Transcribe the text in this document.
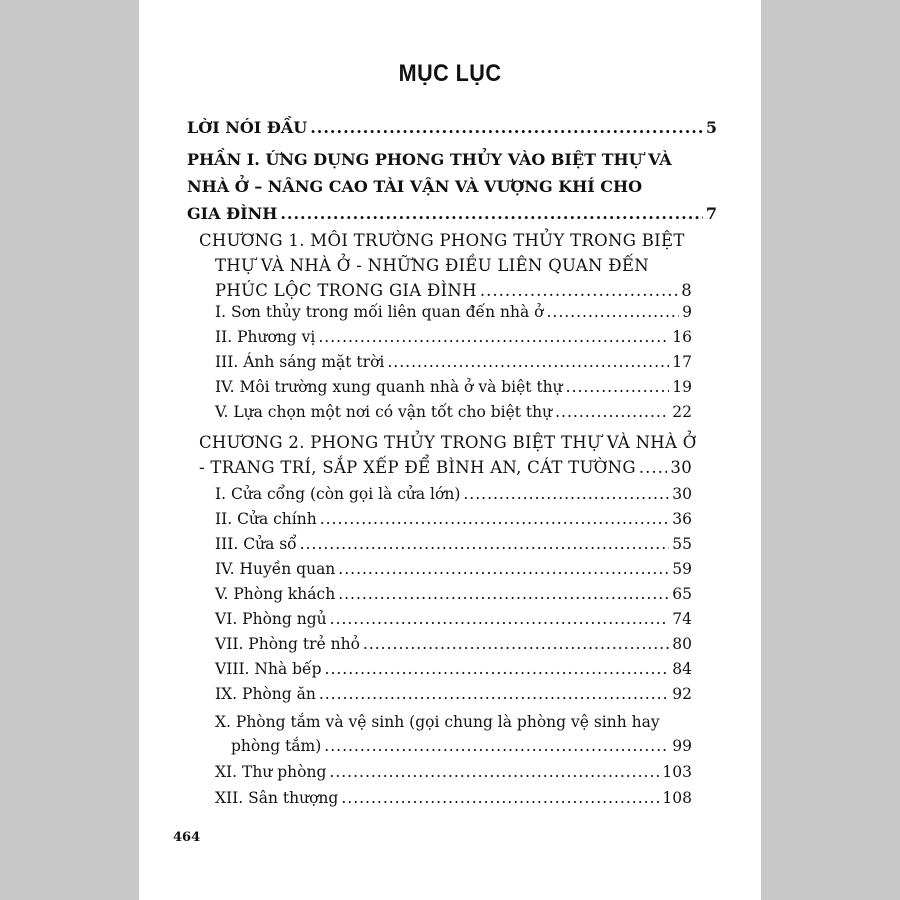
MỤC LỤC
LỜI NÓI ĐẦU .....	5
PHẦN I. ỨNG DỤNG PHONG THỦY VÀO BIỆT THỰ VÀ
NHÀ Ở – NÂNG CAO TÀI VẬN VÀ VƯỢNG KHÍ CHO
GIA ĐÌNH .....	7
CHƯƠNG 1. MÔI TRƯỜNG PHONG THỦY TRONG BIỆT
THỰ VÀ NHÀ Ở - NHỮNG ĐIỀU LIÊN QUAN ĐẾN
PHÚC LỘC TRONG GIA ĐÌNH .....	8
I. Sơn thủy trong mối liên quan đến nhà ở .....	9
II. Phương vị .....	16
III. Ánh sáng mặt trời .....	17
IV. Môi trường xung quanh nhà ở và biệt thự .....	19
V. Lựa chọn một nơi có vận tốt cho biệt thự .....	22
CHƯƠNG 2. PHONG THỦY TRONG BIỆT THỰ VÀ NHÀ Ở
- TRANG TRÍ, SẮP XẾP ĐỂ BÌNH AN, CÁT TƯỜNG ..... 30
I. Cửa cổng (còn gọi là cửa lớn) .....	30
II. Cửa chính .....	36
III. Cửa sổ .....	55
IV. Huyền quan .....	59
V. Phòng khách .....	65
VI. Phòng ngủ .....	74
VII. Phòng trẻ nhỏ .....	80
VIII. Nhà bếp .....	84
IX. Phòng ăn .....	92
X. Phòng tắm và vệ sinh (gọi chung là phòng vệ sinh hay
phòng tắm) .....	99
XI. Thư phòng .....	103
XII. Sân thượng .....	108
464
